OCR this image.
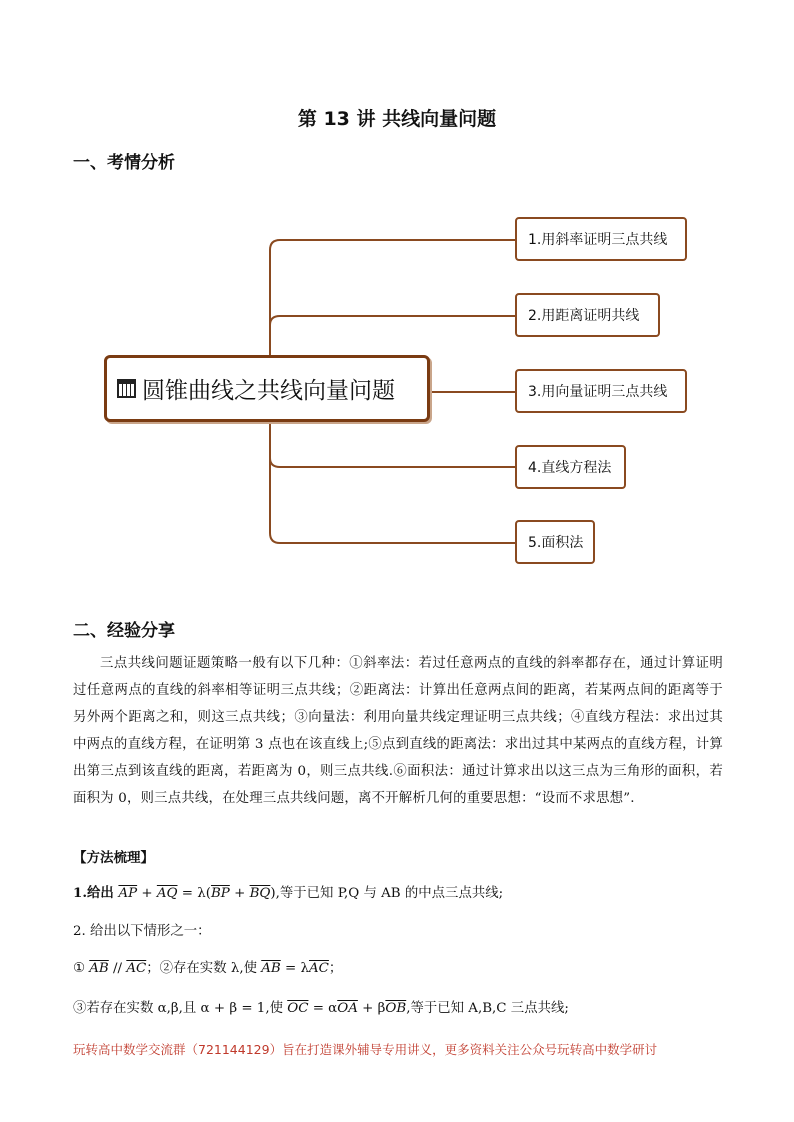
第 13 讲 共线向量问题
一、考情分析
圆锥曲线之共线向量问题
1.用斜率证明三点共线
2.用距离证明共线
3.用向量证明三点共线
4.直线方程法
5.面积法
二、经验分享
三点共线问题证题策略一般有以下几种：①斜率法：若过任意两点的直线的斜率都存在，通过计算证明过任意两点的直线的斜率相等证明三点共线；②距离法：计算出任意两点间的距离，若某两点间的距离等于另外两个距离之和，则这三点共线；③向量法：利用向量共线定理证明三点共线；④直线方程法：求出过其中两点的直线方程，在证明第 3 点也在该直线上;⑤点到直线的距离法：求出过其中某两点的直线方程，计算出第三点到该直线的距离，若距离为 0，则三点共线.⑥面积法：通过计算求出以这三点为三角形的面积，若面积为 0，则三点共线，在处理三点共线问题，离不开解析几何的重要思想：“设而不求思想”.
【方法梳理】
1.给出 $\overline{AP} + \overline{AQ} = \lambda(\overline{BP} + \overline{BQ})$,等于已知 P,Q 与 AB 的中点三点共线;
2. 给出以下情形之一：
① $\overline{AB} // \overline{AC}$；②存在实数 λ,使 $\overline{AB} = \lambda\overline{AC}$；
③若存在实数 α,β,且 α + β = 1,使 $\overline{OC} = \alpha\overline{OA} + \beta\overline{OB}$,等于已知 A,B,C 三点共线;
玩转高中数学交流群（721144129）旨在打造课外辅导专用讲义，更多资料关注公众号玩转高中数学研讨
